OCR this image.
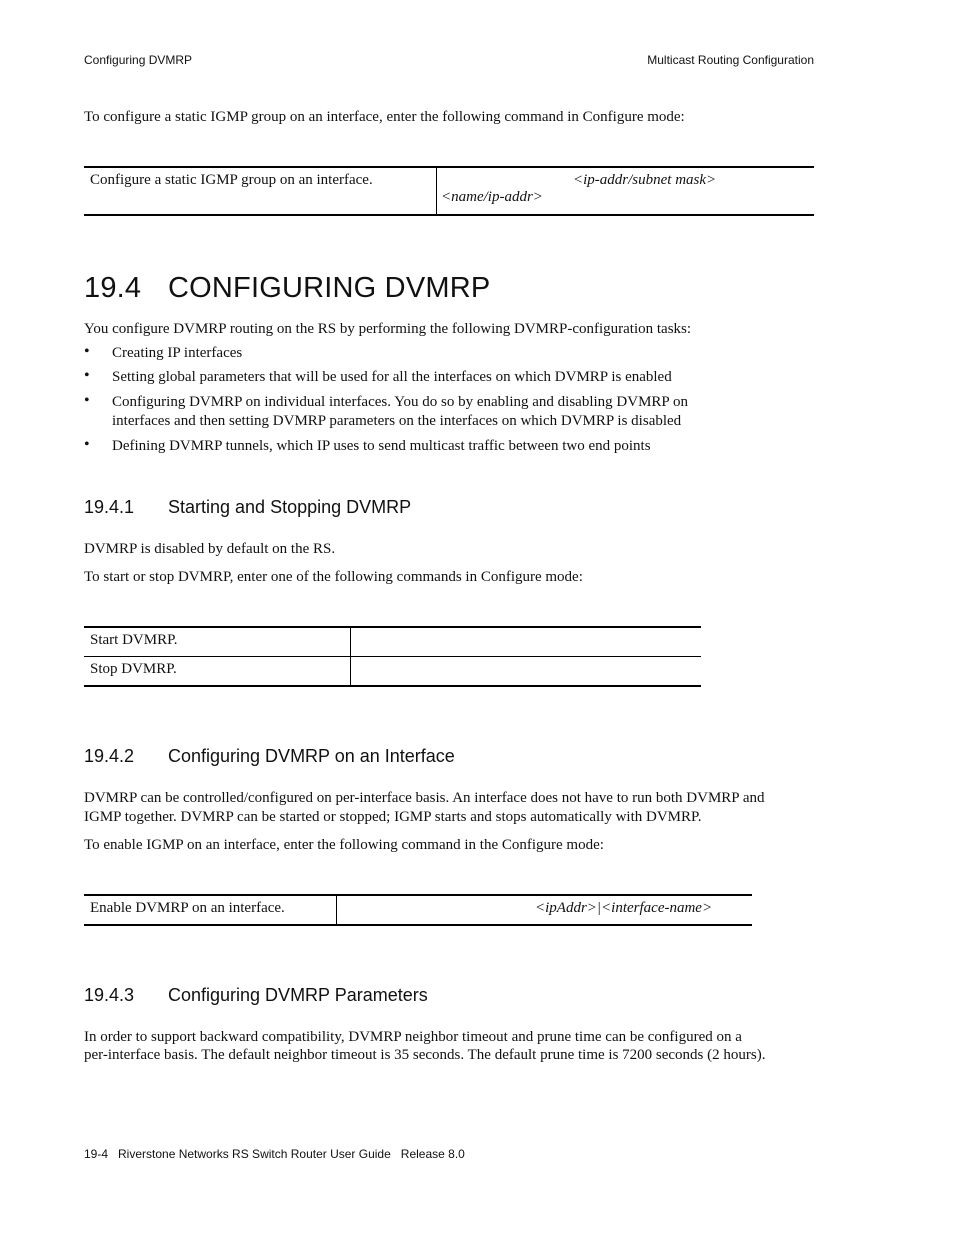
Configuring DVMRP	Multicast Routing Configuration
To configure a static IGMP group on an interface, enter the following command in Configure mode:
Configure a static IGMP group on an interface.	<ip-addr/subnet mask>
<name/ip-addr>
19.4 CONFIGURING DVMRP
You configure DVMRP routing on the RS by performing the following DVMRP-configuration tasks:
• Creating IP interfaces
• Setting global parameters that will be used for all the interfaces on which DVMRP is enabled
• Configuring DVMRP on individual interfaces. You do so by enabling and disabling DVMRP on interfaces and then setting DVMRP parameters on the interfaces on which DVMRP is disabled
• Defining DVMRP tunnels, which IP uses to send multicast traffic between two end points
19.4.1 Starting and Stopping DVMRP
DVMRP is disabled by default on the RS.
To start or stop DVMRP, enter one of the following commands in Configure mode:
Start DVMRP.	
Stop DVMRP.	
19.4.2 Configuring DVMRP on an Interface
DVMRP can be controlled/configured on per-interface basis. An interface does not have to run both DVMRP and
IGMP together. DVMRP can be started or stopped; IGMP starts and stops automatically with DVMRP.
To enable IGMP on an interface, enter the following command in the Configure mode:
Enable DVMRP on an interface.	<ipAddr>|<interface-name>
19.4.3 Configuring DVMRP Parameters
In order to support backward compatibility, DVMRP neighbor timeout and prune time can be configured on a
per-interface basis. The default neighbor timeout is 35 seconds. The default prune time is 7200 seconds (2 hours).
19-4   Riverstone Networks RS Switch Router User Guide   Release 8.0
